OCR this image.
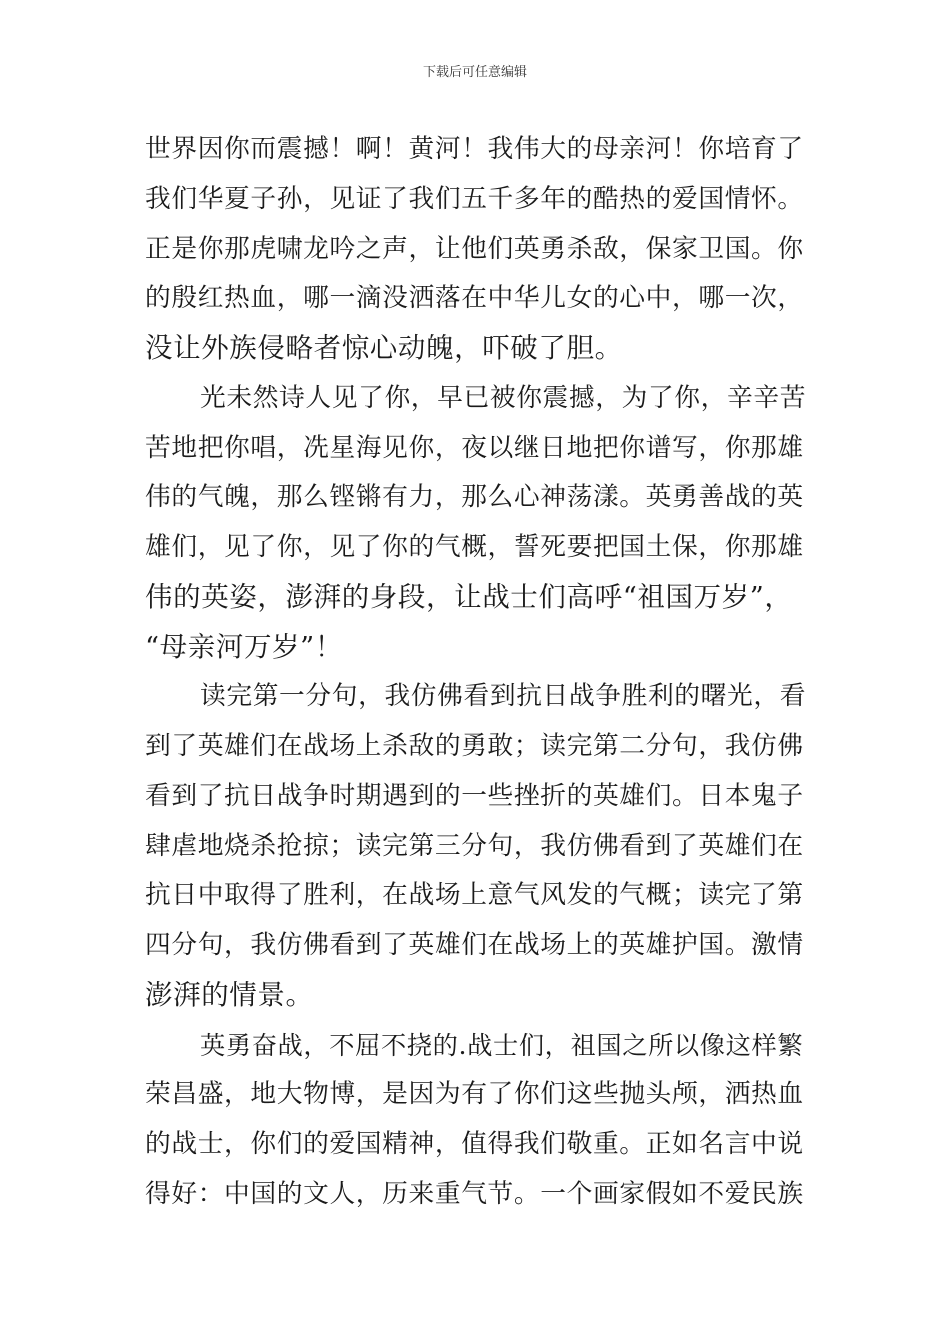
下载后可任意编辑
世界因你而震撼！啊！黄河！我伟大的母亲河！你培育了
我们华夏子孙，见证了我们五千多年的酷热的爱国情怀。
正是你那虎啸龙吟之声，让他们英勇杀敌，保家卫国。你
的殷红热血，哪一滴没洒落在中华儿女的心中，哪一次，
没让外族侵略者惊心动魄，吓破了胆。
光未然诗人见了你，早已被你震撼，为了你，辛辛苦
苦地把你唱，冼星海见你，夜以继日地把你谱写，你那雄
伟的气魄，那么铿锵有力，那么心神荡漾。英勇善战的英
雄们，见了你，见了你的气概，誓死要把国土保，你那雄
伟的英姿，澎湃的身段，让战士们高呼“祖国万岁”，
“母亲河万岁”！
读完第一分句，我仿佛看到抗日战争胜利的曙光，看
到了英雄们在战场上杀敌的勇敢；读完第二分句，我仿佛
看到了抗日战争时期遇到的一些挫折的英雄们。日本鬼子
肆虐地烧杀抢掠；读完第三分句，我仿佛看到了英雄们在
抗日中取得了胜利，在战场上意气风发的气概；读完了第
四分句，我仿佛看到了英雄们在战场上的英雄护国。激情
澎湃的情景。
英勇奋战，不屈不挠的.战士们，祖国之所以像这样繁
荣昌盛，地大物博，是因为有了你们这些抛头颅，洒热血
的战士，你们的爱国精神，值得我们敬重。正如名言中说
得好：中国的文人，历来重气节。一个画家假如不爱民族
